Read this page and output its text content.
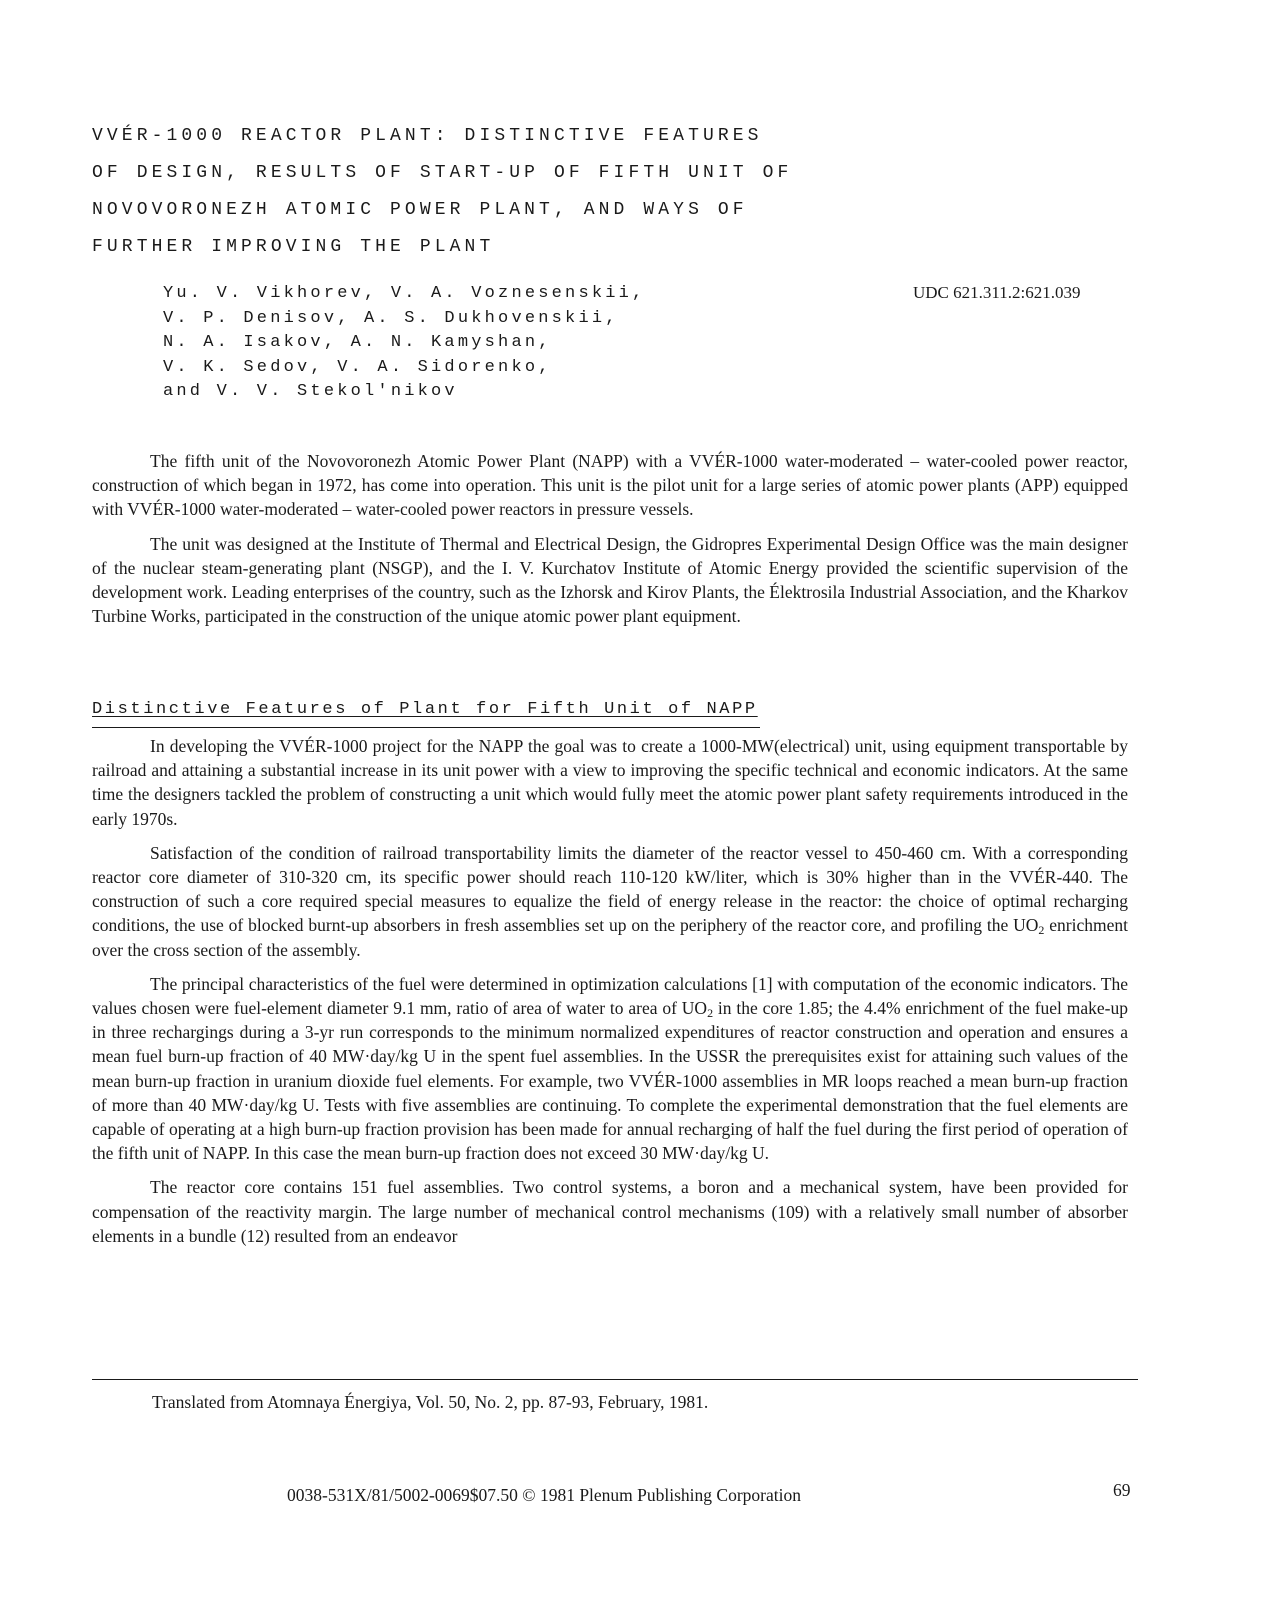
VVÉR-1000 REACTOR PLANT: DISTINCTIVE FEATURES
OF DESIGN, RESULTS OF START-UP OF FIFTH UNIT OF
NOVOVORONEZH ATOMIC POWER PLANT, AND WAYS OF
FURTHER IMPROVING THE PLANT
Yu. V. Vikhorev, V. A. Voznesenskii,
V. P. Denisov, A. S. Dukhovenskii,
N. A. Isakov, A. N. Kamyshan,
V. K. Sedov, V. A. Sidorenko,
and V. V. Stekol'nikov
UDC 621.311.2:621.039

The fifth unit of the Novovoronezh Atomic Power Plant (NAPP) with a VVÉR-1000 water-moderated – water-cooled power reactor, construction of which began in 1972, has come into operation. This unit is the pilot unit for a large series of atomic power plants (APP) equipped with VVÉR-1000 water-moderated – water-cooled power reactors in pressure vessels.

The unit was designed at the Institute of Thermal and Electrical Design, the Gidropres Experimental Design Office was the main designer of the nuclear steam-generating plant (NSGP), and the I. V. Kurchatov Institute of Atomic Energy provided the scientific supervision of the development work. Leading enterprises of the country, such as the Izhorsk and Kirov Plants, the Élektrosila Industrial Association, and the Kharkov Turbine Works, participated in the construction of the unique atomic power plant equipment.

Distinctive Features of Plant for Fifth Unit of NAPP

In developing the VVÉR-1000 project for the NAPP the goal was to create a 1000-MW(electrical) unit, using equipment transportable by railroad and attaining a substantial increase in its unit power with a view to improving the specific technical and economic indicators. At the same time the designers tackled the problem of constructing a unit which would fully meet the atomic power plant safety requirements introduced in the early 1970s.

Satisfaction of the condition of railroad transportability limits the diameter of the reactor vessel to 450-460 cm. With a corresponding reactor core diameter of 310-320 cm, its specific power should reach 110-120 kW/liter, which is 30% higher than in the VVÉR-440. The construction of such a core required special measures to equalize the field of energy release in the reactor: the choice of optimal recharging conditions, the use of blocked burnt-up absorbers in fresh assemblies set up on the periphery of the reactor core, and profiling the $UO_2$ enrichment over the cross section of the assembly.

The principal characteristics of the fuel were determined in optimization calculations [1] with computation of the economic indicators. The values chosen were fuel-element diameter 9.1 mm, ratio of area of water to area of $UO_2$ in the core 1.85; the 4.4% enrichment of the fuel make-up in three rechargings during a 3-yr run corresponds to the minimum normalized expenditures of reactor construction and operation and ensures a mean fuel burn-up fraction of 40 MW·day/kg U in the spent fuel assemblies. In the USSR the prerequisites exist for attaining such values of the mean burn-up fraction in uranium dioxide fuel elements. For example, two VVÉR-1000 assemblies in MR loops reached a mean burn-up fraction of more than 40 MW·day/kg U. Tests with five assemblies are continuing. To complete the experimental demonstration that the fuel elements are capable of operating at a high burn-up fraction provision has been made for annual recharging of half the fuel during the first period of operation of the fifth unit of NAPP. In this case the mean burn-up fraction does not exceed 30 MW·day/kg U.

The reactor core contains 151 fuel assemblies. Two control systems, a boron and a mechanical system, have been provided for compensation of the reactivity margin. The large number of mechanical control mechanisms (109) with a relatively small number of absorber elements in a bundle (12) resulted from an endeavor

Translated from Atomnaya Énergiya, Vol. 50, No. 2, pp. 87-93, February, 1981.
0038-531X/81/5002-0069$07.50 © 1981 Plenum Publishing Corporation	69
